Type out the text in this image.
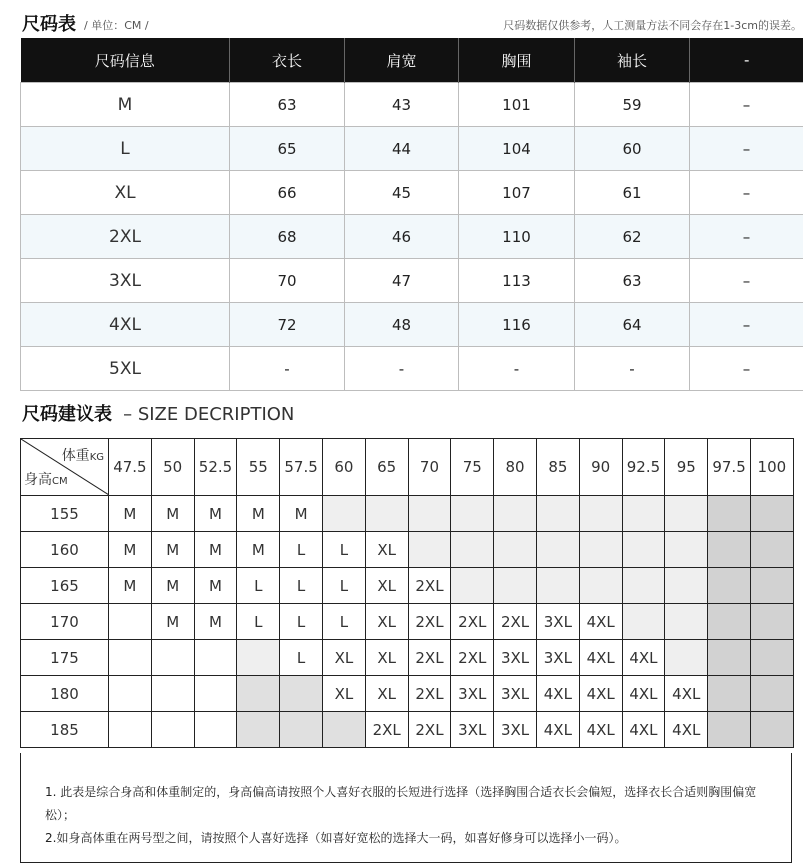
尺码表 / 单位：CM /	尺码数据仅供参考，人工测量方法不同会存在1-3cm的误差。
尺码信息	衣长	肩宽	胸围	袖长	-
M	63	43	101	59	–
L	65	44	104	60	–
XL	66	45	107	61	–
2XL	68	46	110	62	–
3XL	70	47	113	63	–
4XL	72	48	116	64	–
5XL	-	-	-	-	–
尺码建议表 – SIZE DECRIPTION
体重KG
身高CM	47.5	50	52.5	55	57.5	60	65	70	75	80	85	90	92.5	95	97.5	100
155	M	M	M	M	M											
160	M	M	M	M	L	L	XL									
165	M	M	M	L	L	L	XL	2XL								
170		M	M	L	L	L	XL	2XL	2XL	2XL	3XL	4XL				
175					L	XL	XL	2XL	2XL	3XL	3XL	4XL	4XL			
180						XL	XL	2XL	3XL	3XL	4XL	4XL	4XL	4XL		
185							2XL	2XL	3XL	3XL	4XL	4XL	4XL	4XL		

1. 此表是综合身高和体重制定的，身高偏高请按照个人喜好衣服的长短进行选择（选择胸围合适衣长会偏短，选择衣长合适则胸围偏宽松）；

2.如身高体重在两号型之间，请按照个人喜好选择（如喜好宽松的选择大一码，如喜好修身可以选择小一码）。
